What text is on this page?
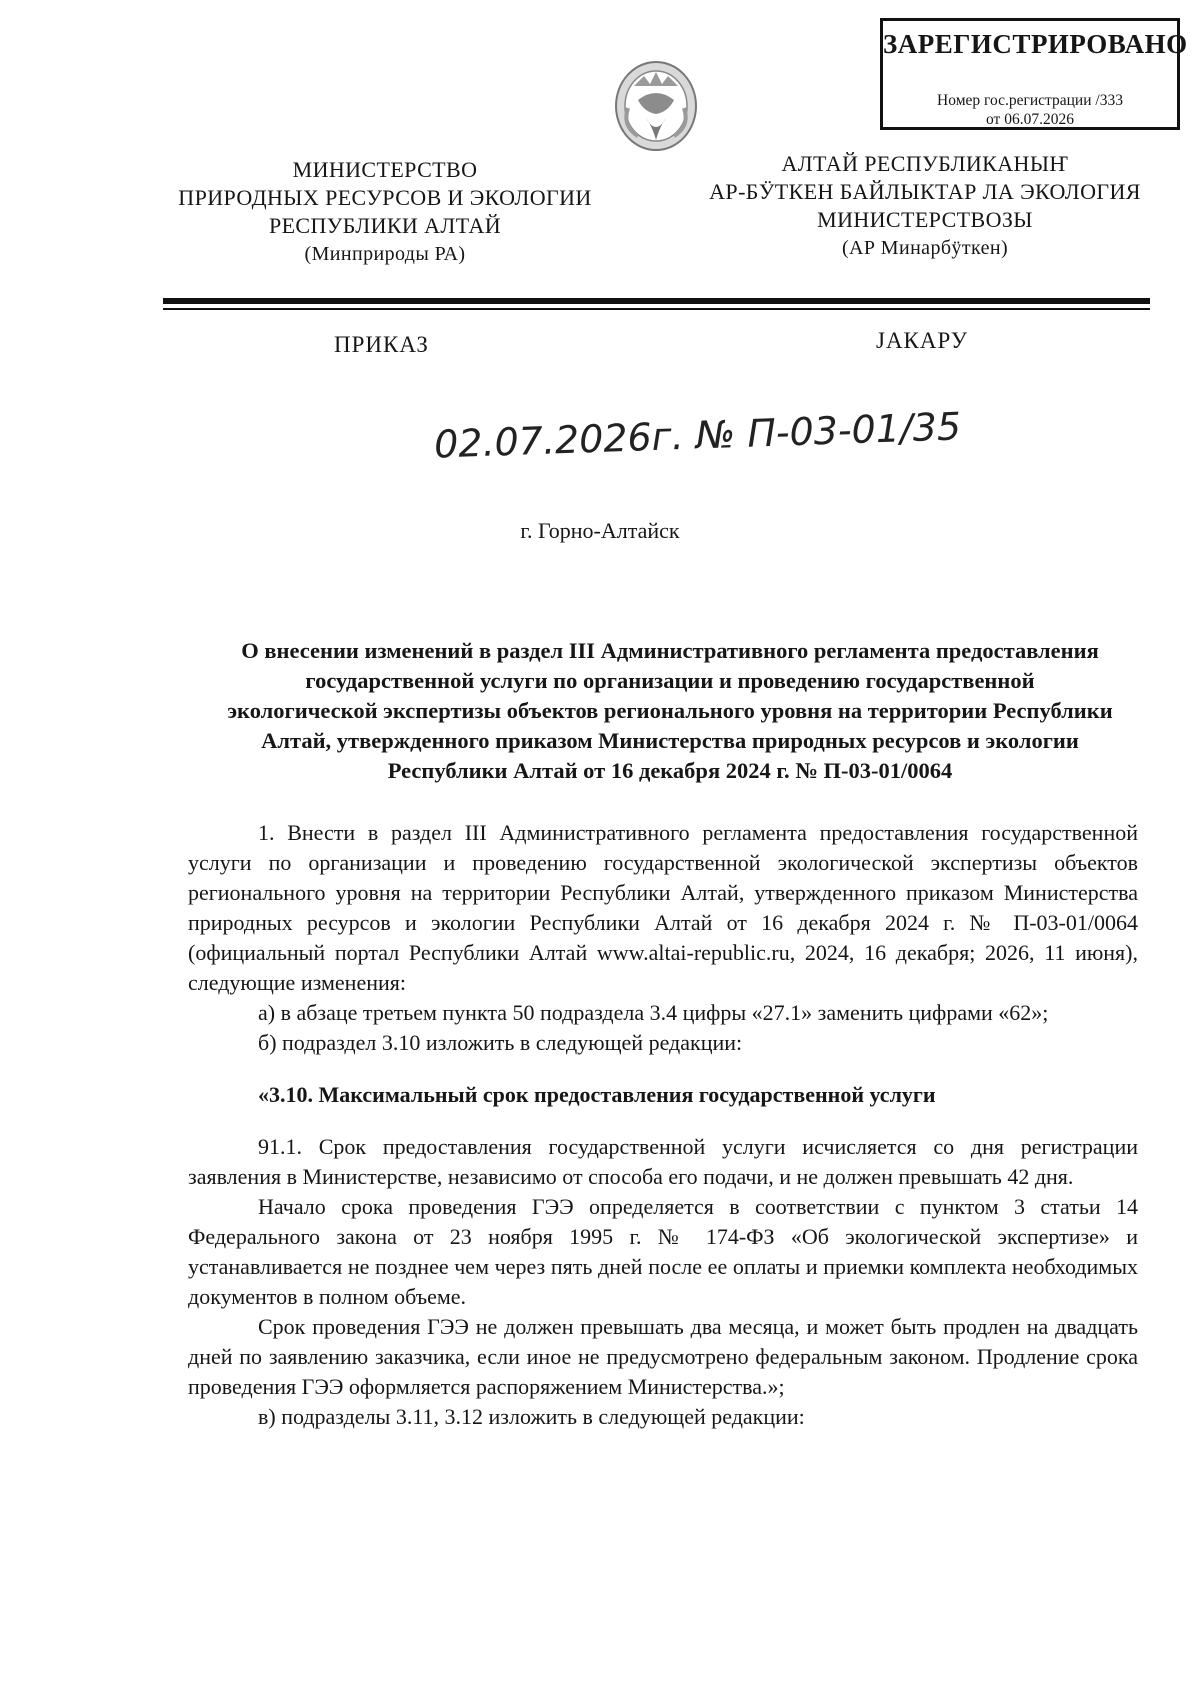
ЗАРЕГИСТРИРОВАНО
Номер гос.регистрации /333
от 06.07.2026
МИНИСТЕРСТВО
ПРИРОДНЫХ РЕСУРСОВ И ЭКОЛОГИИ
РЕСПУБЛИКИ АЛТАЙ
(Минприроды РА)
АЛТАЙ РЕСПУБЛИКАНЫҤ
АР-БӰТКЕН БАЙЛЫКТАР ЛА ЭКОЛОГИЯ
МИНИСТЕРСТВОЗЫ
(АР Минарбӱткен)
ПРИКАЗ	ЈАКАРУ
02.07.2026г. № П-03-01/35
г. Горно-Алтайск
О внесении изменений в раздел III Административного регламента предоставления
государственной услуги по организации и проведению государственной
экологической экспертизы объектов регионального уровня на территории Республики
Алтай, утвержденного приказом Министерства природных ресурсов и экологии
Республики Алтай от 16 декабря 2024 г. № П-03-01/0064

1. Внести в раздел III Административного регламента предоставления государственной услуги по организации и проведению государственной экологической экспертизы объектов регионального уровня на территории Республики Алтай, утвержденного приказом Министерства природных ресурсов и экологии Республики Алтай от 16 декабря 2024 г. № П-03-01/0064 (официальный портал Республики Алтай www.altai-republic.ru, 2024, 16 декабря; 2026, 11 июня), следующие изменения:

а) в абзаце третьем пункта 50 подраздела 3.4 цифры «27.1» заменить цифрами «62»;

б) подраздел 3.10 изложить в следующей редакции:

«3.10. Максимальный срок предоставления государственной услуги

91.1. Срок предоставления государственной услуги исчисляется со дня регистрации заявления в Министерстве, независимо от способа его подачи, и не должен превышать 42 дня.

Начало срока проведения ГЭЭ определяется в соответствии с пунктом 3 статьи 14 Федерального закона от 23 ноября 1995 г. № 174-ФЗ «Об экологической экспертизе» и устанавливается не позднее чем через пять дней после ее оплаты и приемки комплекта необходимых документов в полном объеме.

Срок проведения ГЭЭ не должен превышать два месяца, и может быть продлен на двадцать дней по заявлению заказчика, если иное не предусмотрено федеральным законом. Продление срока проведения ГЭЭ оформляется распоряжением Министерства.»;

в) подразделы 3.11, 3.12 изложить в следующей редакции:
